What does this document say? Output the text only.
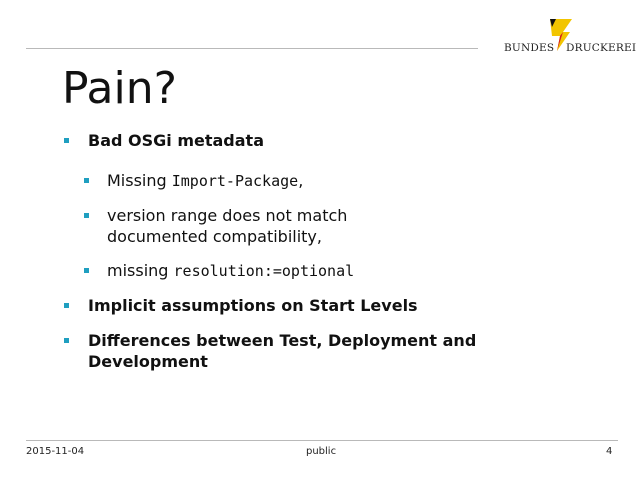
BUNDES DRUCKEREI
Pain?
Bad OSGi metadata
Missing Import-Package,
version range does not match
documented compatibility,
missing resolution:=optional
Implicit assumptions on Start Levels
Differences between Test, Deployment and
Development
2015-11-04	public	4
